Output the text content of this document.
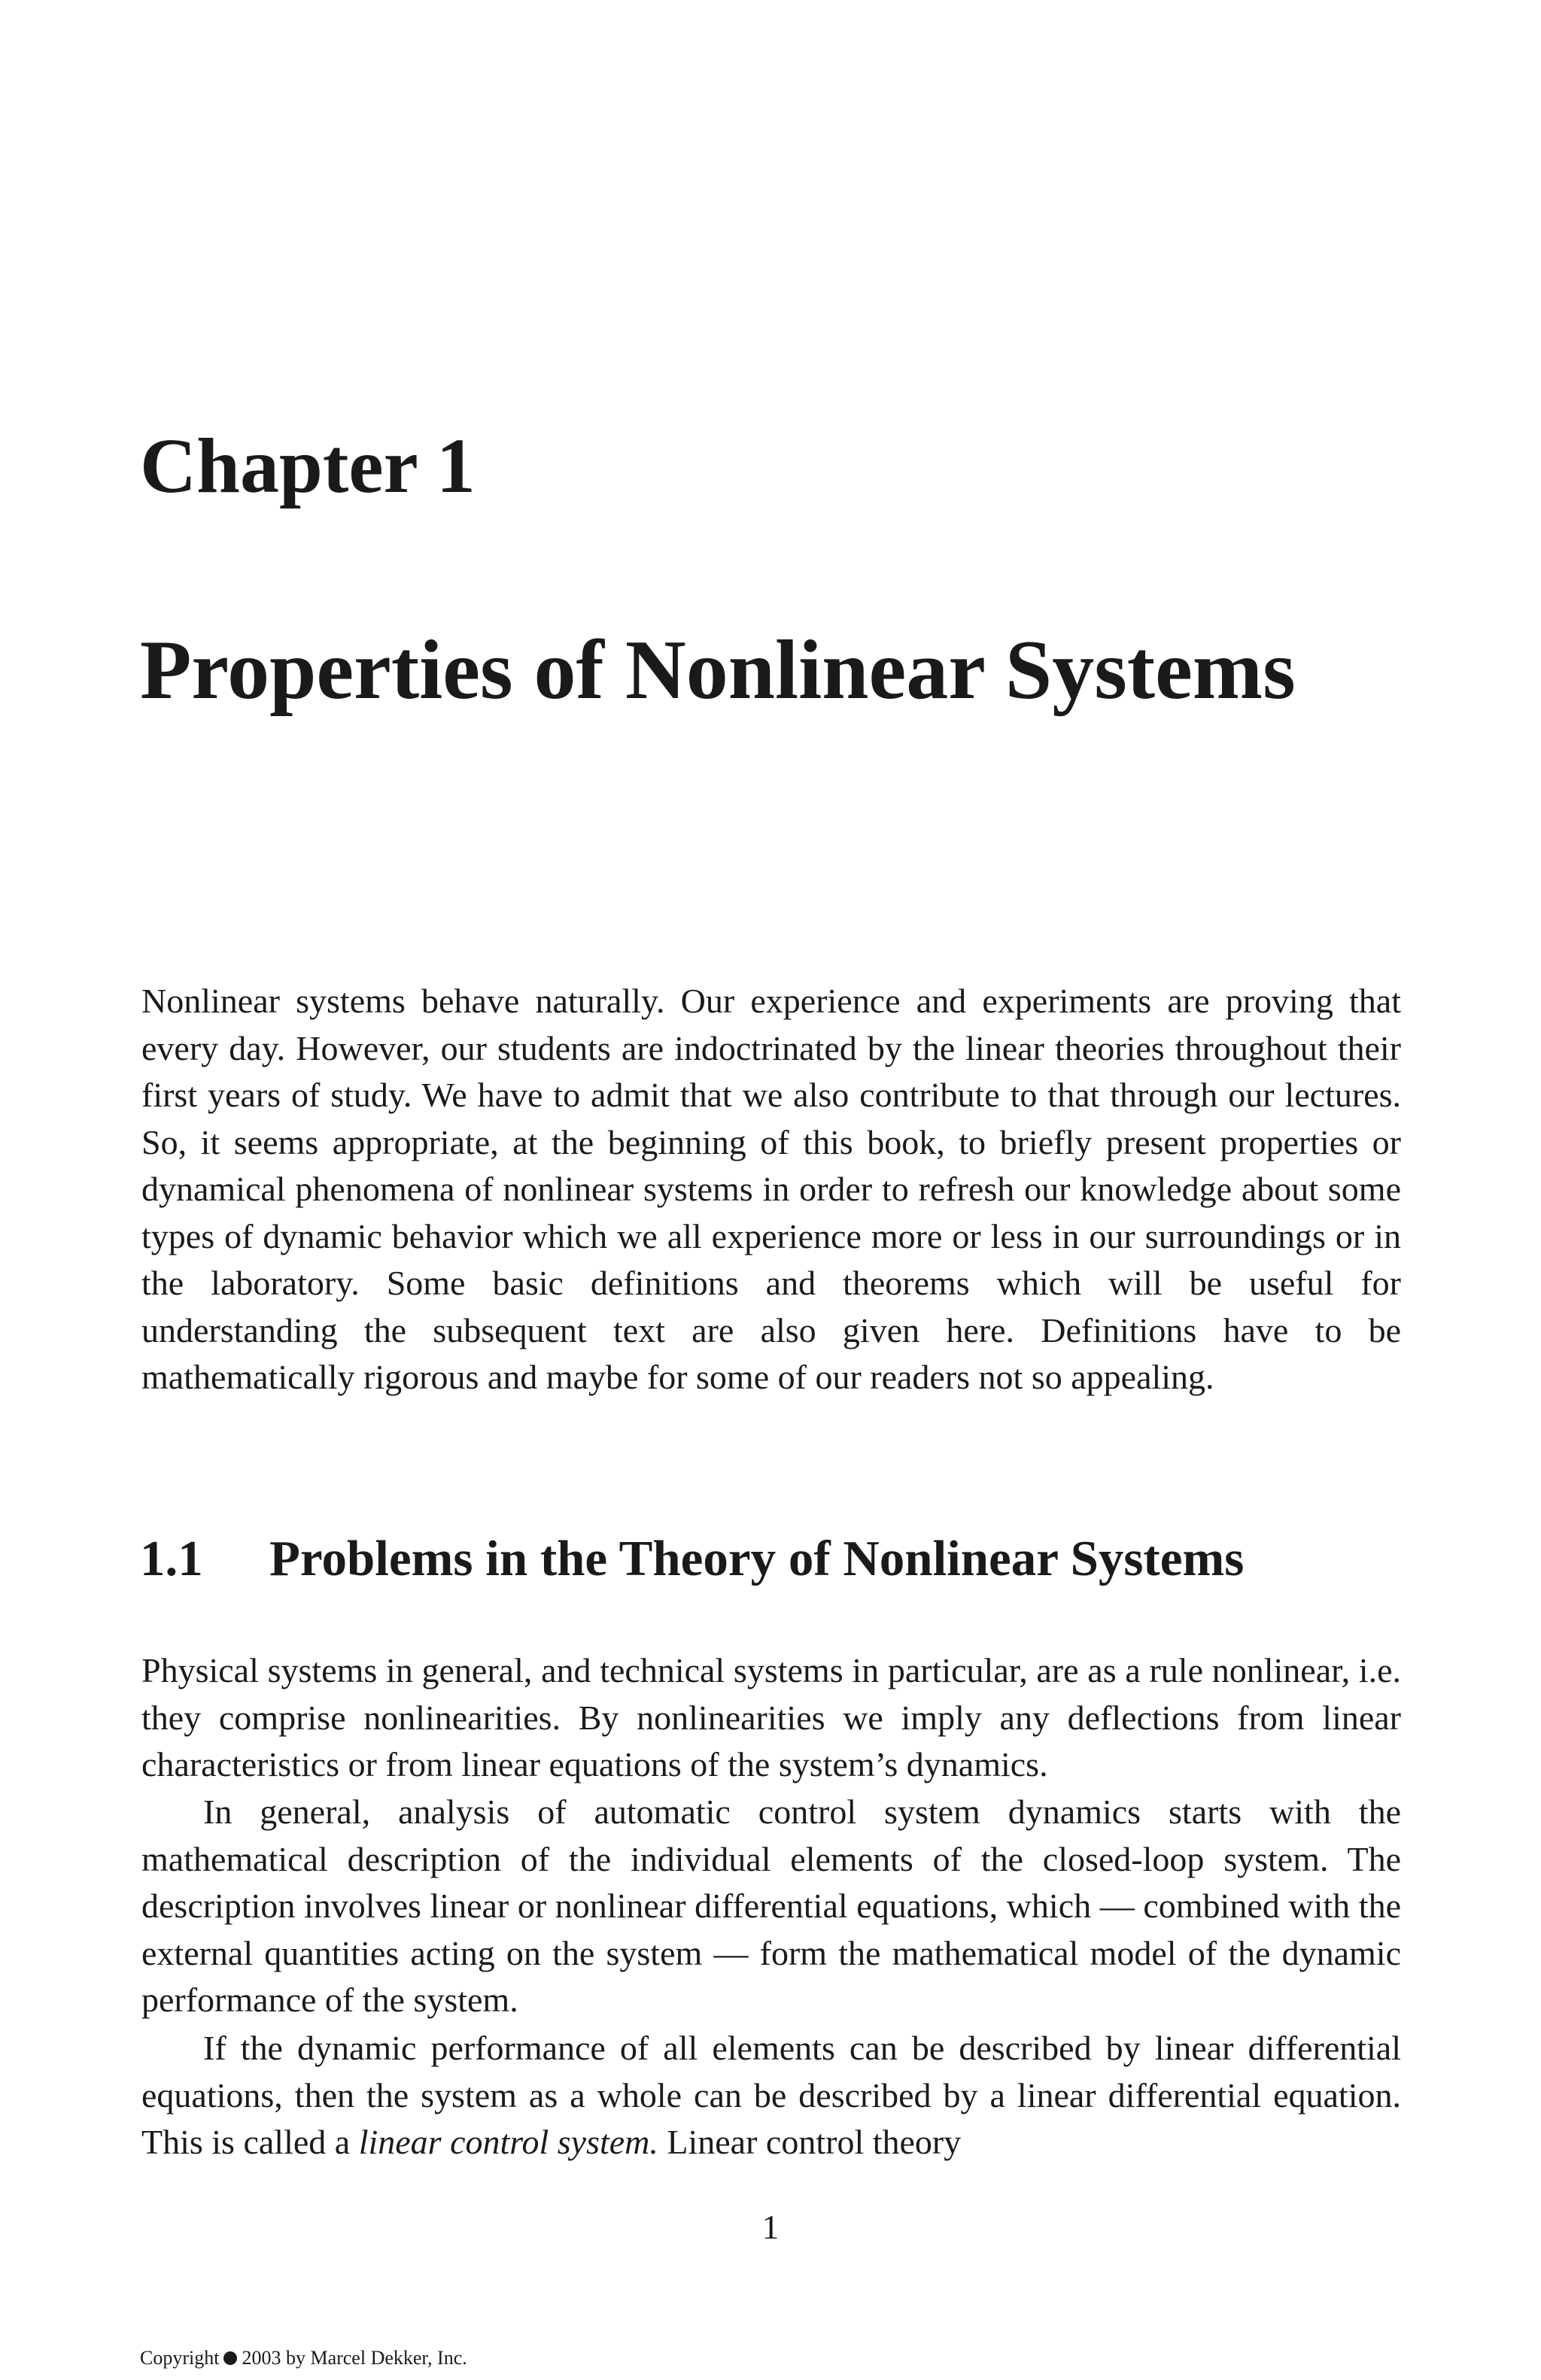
Chapter 1
Properties of Nonlinear Systems

Nonlinear systems behave naturally. Our experience and experiments are proving that every day. However, our students are indoctrinated by the linear theories throughout their first years of study. We have to admit that we also contribute to that through our lectures. So, it seems appropriate, at the beginning of this book, to briefly present properties or dynamical phenomena of nonlinear systems in order to refresh our knowledge about some types of dynamic behavior which we all experience more or less in our surroundings or in the laboratory. Some basic definitions and theorems which will be useful for understanding the subsequent text are also given here. Definitions have to be mathematically rigorous and maybe for some of our readers not so appealing.

1.1 Problems in the Theory of Nonlinear Systems

Physical systems in general, and technical systems in particular, are as a rule nonlinear, i.e. they comprise nonlinearities. By nonlinearities we imply any deflections from linear characteristics or from linear equations of the system’s dynamics.

In general, analysis of automatic control system dynamics starts with the mathematical description of the individual elements of the closed-loop system. The description involves linear or nonlinear differential equations, which — combined with the external quantities acting on the system — form the mathematical model of the dynamic performance of the system.

If the dynamic performance of all elements can be described by linear differential equations, then the system as a whole can be described by a linear differential equation. This is called a linear control system. Linear control theory

1
Copyright 2003 by Marcel Dekker, Inc.
